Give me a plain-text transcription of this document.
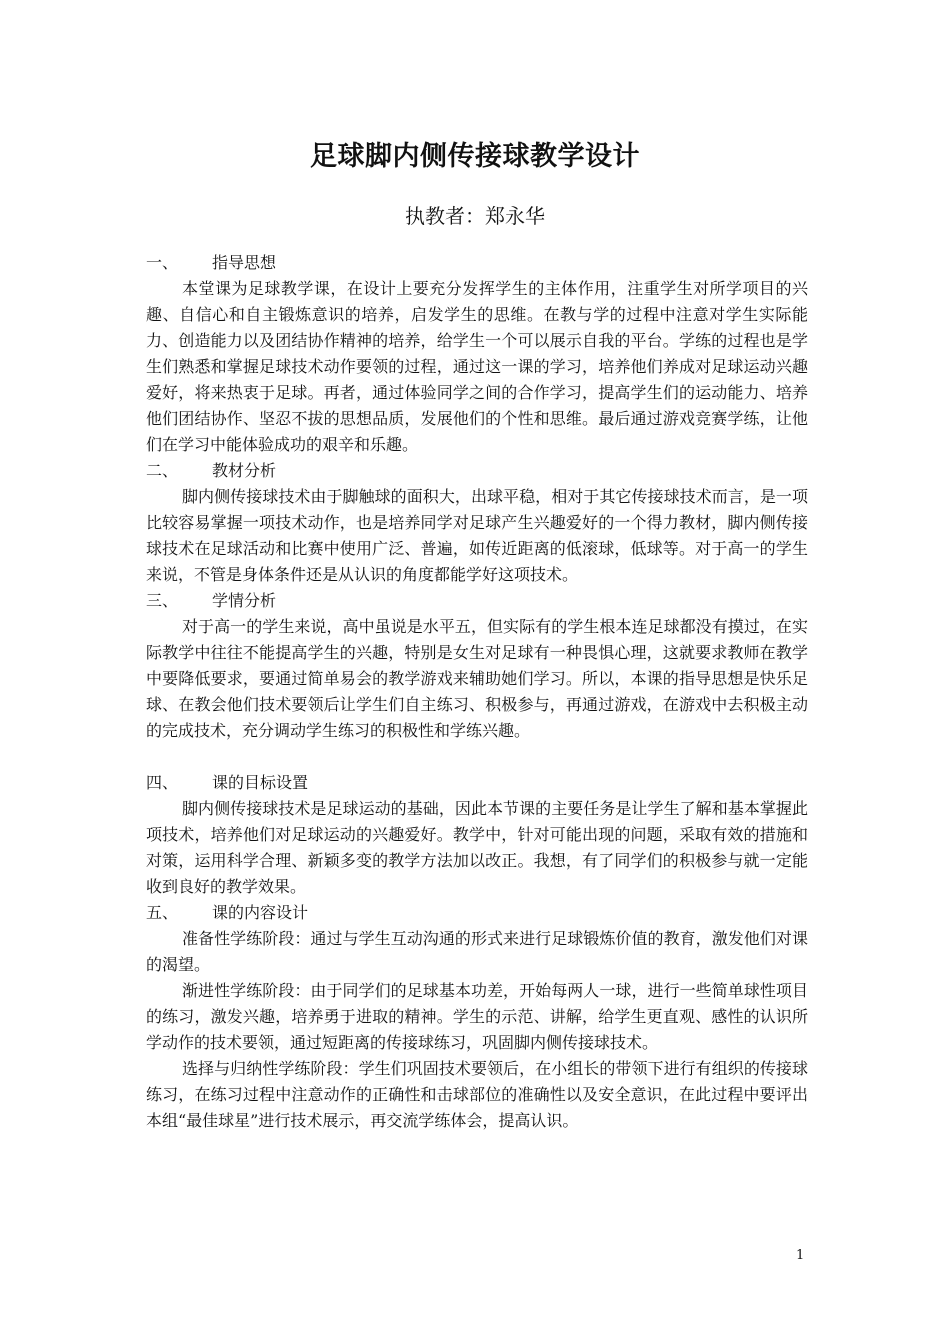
足球脚内侧传接球教学设计
执教者：郑永华
一、 指导思想

本堂课为足球教学课，在设计上要充分发挥学生的主体作用，注重学生对所学项目的兴趣、自信心和自主锻炼意识的培养，启发学生的思维。在教与学的过程中注意对学生实际能力、创造能力以及团结协作精神的培养，给学生一个可以展示自我的平台。学练的过程也是学生们熟悉和掌握足球技术动作要领的过程，通过这一课的学习，培养他们养成对足球运动兴趣爱好，将来热衷于足球。再者，通过体验同学之间的合作学习，提高学生们的运动能力、培养他们团结协作、坚忍不拔的思想品质，发展他们的个性和思维。最后通过游戏竞赛学练，让他们在学习中能体验成功的艰辛和乐趣。

二、 教材分析

脚内侧传接球技术由于脚触球的面积大，出球平稳，相对于其它传接球技术而言，是一项比较容易掌握一项技术动作，也是培养同学对足球产生兴趣爱好的一个得力教材，脚内侧传接球技术在足球活动和比赛中使用广泛、普遍，如传近距离的低滚球，低球等。对于高一的学生来说，不管是身体条件还是从认识的角度都能学好这项技术。

三、 学情分析

对于高一的学生来说，高中虽说是水平五，但实际有的学生根本连足球都没有摸过，在实际教学中往往不能提高学生的兴趣，特别是女生对足球有一种畏惧心理，这就要求教师在教学中要降低要求，要通过简单易会的教学游戏来辅助她们学习。所以，本课的指导思想是快乐足球、在教会他们技术要领后让学生们自主练习、积极参与，再通过游戏，在游戏中去积极主动的完成技术，充分调动学生练习的积极性和学练兴趣。

四、 课的目标设置

脚内侧传接球技术是足球运动的基础，因此本节课的主要任务是让学生了解和基本掌握此项技术，培养他们对足球运动的兴趣爱好。教学中，针对可能出现的问题，采取有效的措施和对策，运用科学合理、新颖多变的教学方法加以改正。我想，有了同学们的积极参与就一定能收到良好的教学效果。

五、 课的内容设计

准备性学练阶段：通过与学生互动沟通的形式来进行足球锻炼价值的教育，激发他们对课的渴望。

渐进性学练阶段：由于同学们的足球基本功差，开始每两人一球，进行一些简单球性项目的练习，激发兴趣，培养勇于进取的精神。学生的示范、讲解，给学生更直观、感性的认识所学动作的技术要领，通过短距离的传接球练习，巩固脚内侧传接球技术。

选择与归纳性学练阶段：学生们巩固技术要领后，在小组长的带领下进行有组织的传接球练习，在练习过程中注意动作的正确性和击球部位的准确性以及安全意识，在此过程中要评出本组“最佳球星”进行技术展示，再交流学练体会，提高认识。

1
